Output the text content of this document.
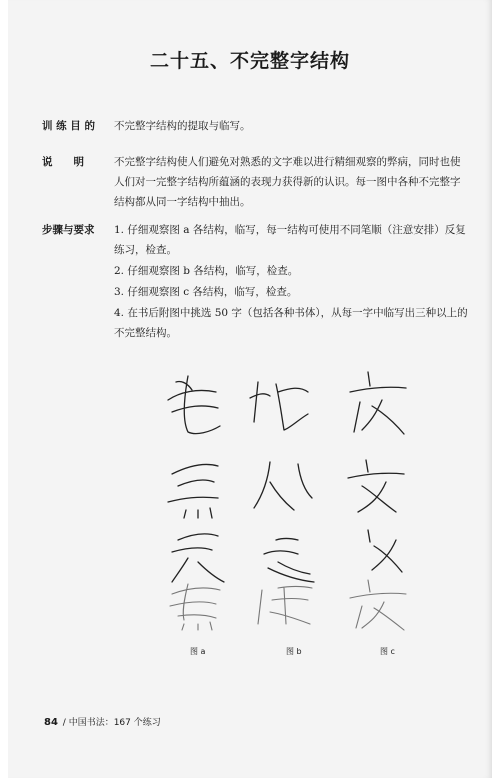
二十五、不完整字结构
训 练 目 的	不完整字结构的提取与临写。

说　　明	不完整字结构使人们避免对熟悉的文字难以进行精细观察的弊病，同时也使人们对一完整字结构所蕴涵的表现力获得新的认识。每一图中各种不完整字结构都从同一字结构中抽出。

步骤与要求	1. 仔细观察图 a 各结构，临写，每一结构可使用不同笔顺（注意安排）反复练习，检查。

2. 仔细观察图 b 各结构，临写，检查。

3. 仔细观察图 c 各结构，临写，检查。

4. 在书后附图中挑选 50 字（包括各种书体），从每一字中临写出三种以上的不完整结构。

图 a	图 b	图 c
84 / 中国书法：167 个练习
